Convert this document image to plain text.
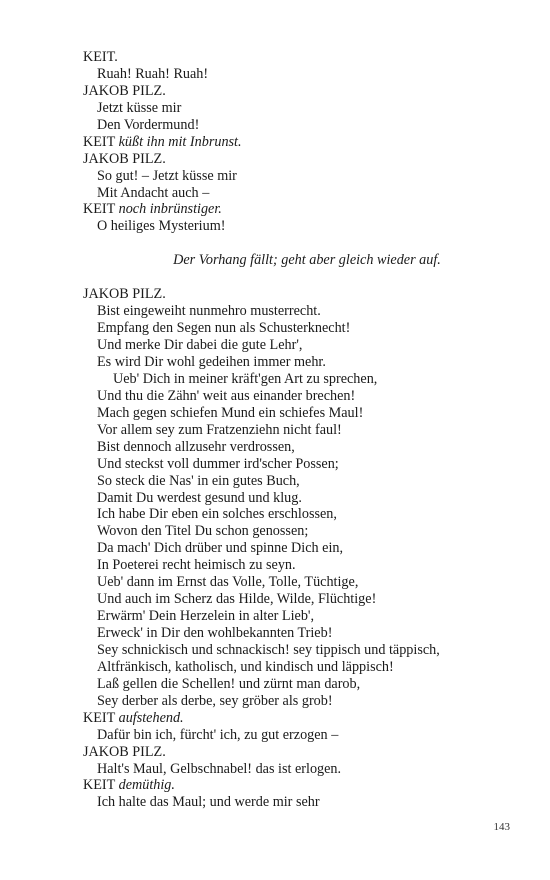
KEIT.
Ruah! Ruah! Ruah!
JAKOB PILZ.
Jetzt küsse mir
Den Vordermund!
KEIT küßt ihn mit Inbrunst.
JAKOB PILZ.
So gut! – Jetzt küsse mir
Mit Andacht auch –
KEIT noch inbrünstiger.
O heiliges Mysterium!
Der Vorhang fällt; geht aber gleich wieder auf.
JAKOB PILZ.
Bist eingeweiht nunmehro musterrecht.
Empfang den Segen nun als Schusterknecht!
Und merke Dir dabei die gute Lehr',
Es wird Dir wohl gedeihen immer mehr.
Ueb' Dich in meiner kräft'gen Art zu sprechen,
Und thu die Zähn' weit aus einander brechen!
Mach gegen schiefen Mund ein schiefes Maul!
Vor allem sey zum Fratzenziehn nicht faul!
Bist dennoch allzusehr verdrossen,
Und steckst voll dummer ird'scher Possen;
So steck die Nas' in ein gutes Buch,
Damit Du werdest gesund und klug.
Ich habe Dir eben ein solches erschlossen,
Wovon den Titel Du schon genossen;
Da mach' Dich drüber und spinne Dich ein,
In Poeterei recht heimisch zu seyn.
Ueb' dann im Ernst das Volle, Tolle, Tüchtige,
Und auch im Scherz das Hilde, Wilde, Flüchtige!
Erwärm' Dein Herzelein in alter Lieb',
Erweck' in Dir den wohlbekannten Trieb!
Sey schnickisch und schnackisch! sey tippisch und täppisch,
Altfränkisch, katholisch, und kindisch und läppisch!
Laß gellen die Schellen! und zürnt man darob,
Sey derber als derbe, sey gröber als grob!
KEIT aufstehend.
Dafür bin ich, fürcht' ich, zu gut erzogen –
JAKOB PILZ.
Halt's Maul, Gelbschnabel! das ist erlogen.
KEIT demüthig.
Ich halte das Maul; und werde mir sehr
143
